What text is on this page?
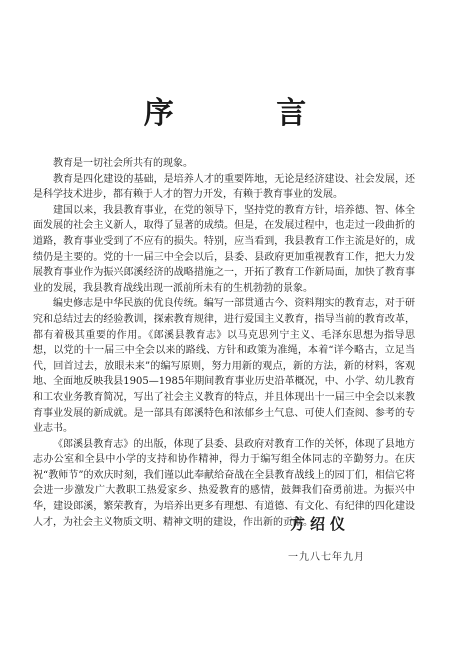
序 言

教育是一切社会所共有的现象。

教育是四化建设的基础，是培养人才的重要阵地，无论是经济建设、社会发展，还是科学技术进步，都有赖于人才的智力开发，有赖于教育事业的发展。

建国以来，我县教育事业，在党的领导下，坚持党的教育方针，培养德、智、体全面发展的社会主义新人，取得了显著的成绩。但是，在发展过程中，也走过一段曲折的道路，教育事业受到了不应有的损失。特别，应当看到，我县教育工作主流是好的，成绩仍是主要的。党的十一届三中全会以后，县委、县政府更加重视教育工作，把大力发展教育事业作为振兴郎溪经济的战略措施之一，开拓了教育工作新局面，加快了教育事业的发展，我县教育战线出现一派前所未有的生机勃勃的景象。

编史修志是中华民族的优良传统。编写一部贯通古今、资料翔实的教育志，对于研究和总结过去的经验教训，探索教育规律，进行爱国主义教育，指导当前的教育改革，都有着极其重要的作用。《郎溪县教育志》以马克思列宁主义、毛泽东思想为指导思想，以党的十一届三中全会以来的路线、方针和政策为准绳，本着“详今略古，立足当代，回首过去，放眼未来”的编写原则，努力用新的观点，新的方法，新的材料，客观地、全面地反映我县1905—1985年期间教育事业历史沿革概况，中、小学、幼儿教育和工农业务教育简况，写出了社会主义教育的特点，并且体现出十一届三中全会以来教育事业发展的新成就。是一部具有郎溪特色和浓郁乡土气息、可使人们查阅、参考的专业志书。

《郎溪县教育志》的出版，体现了县委、县政府对教育工作的关怀，体现了县地方志办公室和全县中小学的支持和协作精神，得力于编写组全体同志的辛勤努力。在庆祝“教师节”的欢庆时刻，我们谨以此奉献给奋战在全县教育战线上的园丁们，相信它将会进一步激发广大教职工热爱家乡、热爱教育的感情，鼓舞我们奋勇前进。为振兴中华，建设郎溪，繁荣教育，为培养出更多有理想、有道德、有文化、有纪律的四化建设人才，为社会主义物质文明、精神文明的建设，作出新的贡献。

方绍仪
一九八七年九月
